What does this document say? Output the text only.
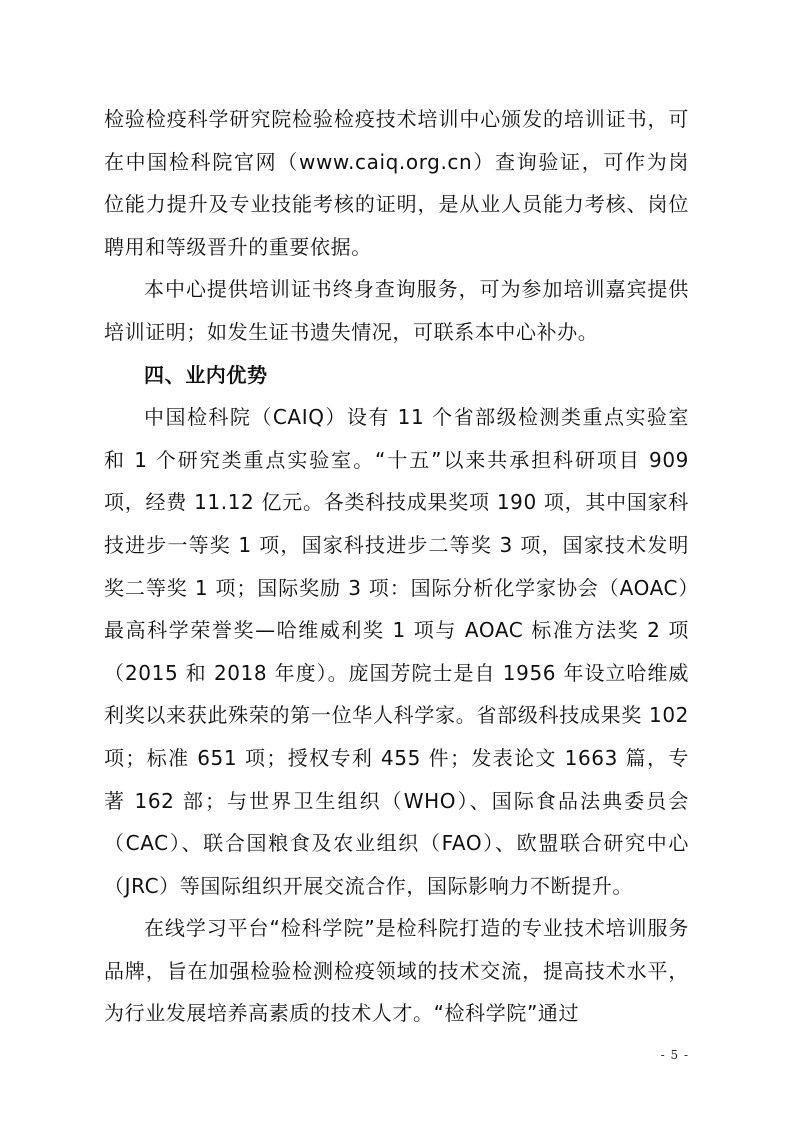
检验检疫科学研究院检验检疫技术培训中心颁发的培训证书，可在中国检科院官网（www.caiq.org.cn）查询验证，可作为岗位能力提升及专业技能考核的证明，是从业人员能力考核、岗位聘用和等级晋升的重要依据。

本中心提供培训证书终身查询服务，可为参加培训嘉宾提供培训证明；如发生证书遗失情况，可联系本中心补办。

四、业内优势

中国检科院（CAIQ）设有 11 个省部级检测类重点实验室和 1 个研究类重点实验室。“十五”以来共承担科研项目 909 项，经费 11.12 亿元。各类科技成果奖项 190 项，其中国家科技进步一等奖 1 项，国家科技进步二等奖 3 项，国家技术发明奖二等奖 1 项；国际奖励 3 项：国际分析化学家协会（AOAC）最高科学荣誉奖—哈维威利奖 1 项与 AOAC 标准方法奖 2 项（2015 和 2018 年度）。庞国芳院士是自 1956 年设立哈维威利奖以来获此殊荣的第一位华人科学家。省部级科技成果奖 102 项；标准 651 项；授权专利 455 件；发表论文 1663 篇，专著 162 部；与世界卫生组织（WHO）、国际食品法典委员会（CAC）、联合国粮食及农业组织（FAO）、欧盟联合研究中心（JRC）等国际组织开展交流合作，国际影响力不断提升。

在线学习平台“检科学院”是检科院打造的专业技术培训服务品牌，旨在加强检验检测检疫领域的技术交流，提高技术水平，为行业发展培养高素质的技术人才。“检科学院”通过

- 5 -
